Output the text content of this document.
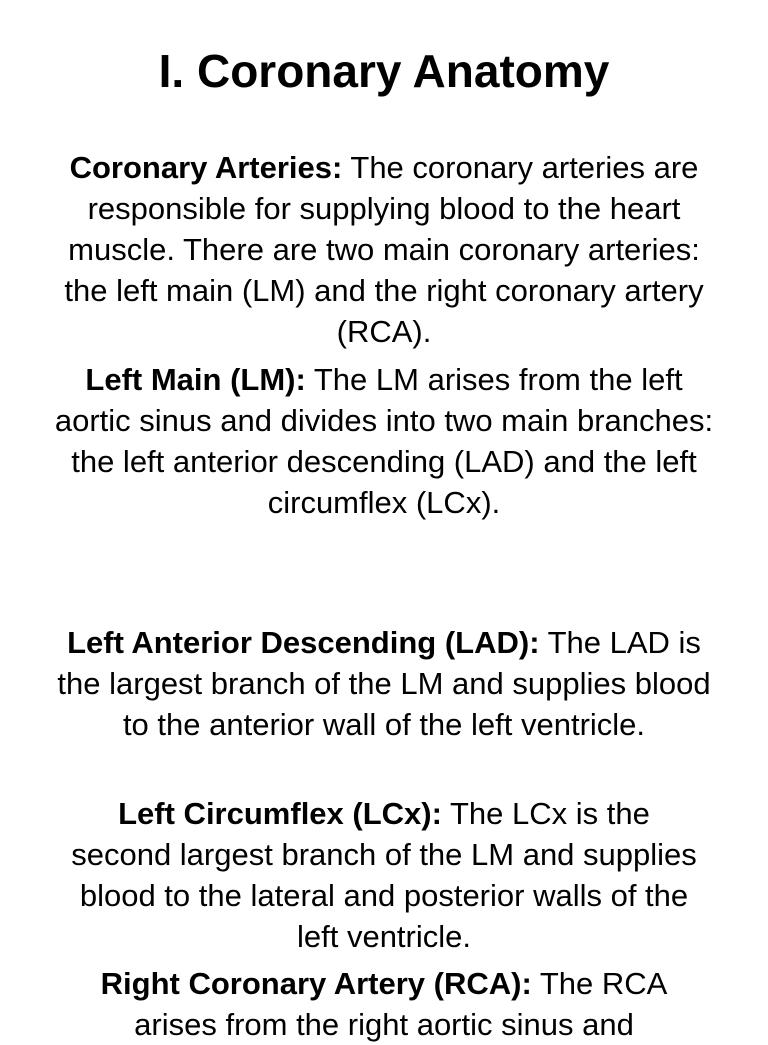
I. Coronary Anatomy

Coronary Arteries: The coronary arteries are responsible for supplying blood to the heart muscle. There are two main coronary arteries: the left main (LM) and the right coronary artery (RCA).

Left Main (LM): The LM arises from the left aortic sinus and divides into two main branches: the left anterior descending (LAD) and the left circumflex (LCx).

Left Anterior Descending (LAD): The LAD is the largest branch of the LM and supplies blood to the anterior wall of the left ventricle.

Left Circumflex (LCx): The LCx is the second largest branch of the LM and supplies blood to the lateral and posterior walls of the left ventricle.

Right Coronary Artery (RCA): The RCA arises from the right aortic sinus and
